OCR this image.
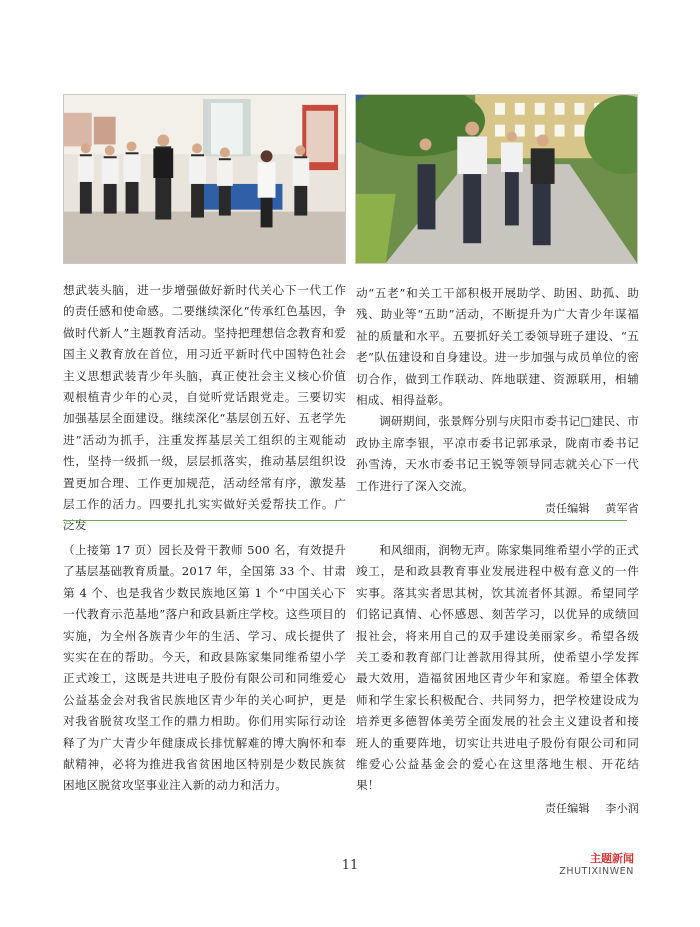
想武装头脑，进一步增强做好新时代关心下一代工作的责任感和使命感。二要继续深化“传承红色基因，争做时代新人”主题教育活动。坚持把理想信念教育和爱国主义教育放在首位，用习近平新时代中国特色社会主义思想武装青少年头脑，真正使社会主义核心价值观根植青少年的心灵，自觉听党话跟党走。三要切实加强基层全面建设。继续深化“基层创五好、五老学先进”活动为抓手，注重发挥基层关工组织的主观能动性，坚持一级抓一级，层层抓落实，推动基层组织设置更加合理、工作更加规范，活动经常有序，激发基层工作的活力。四要扎扎实实做好关爱帮扶工作。广泛发

动“五老”和关工干部积极开展助学、助困、助孤、助残、助业等“五助”活动，不断提升为广大青少年谋福祉的质量和水平。五要抓好关工委领导班子建设、“五老”队伍建设和自身建设。进一步加强与成员单位的密切合作，做到工作联动、阵地联建、资源联用，相辅相成、相得益彰。

调研期间，张景辉分别与庆阳市委书记□建民、市政协主席李银，平凉市委书记郭承录，陇南市委书记孙雪涛，天水市委书记王锐等领导同志就关心下一代工作进行了深入交流。

责任编辑 黄军省

（上接第 17 页）园长及骨干教师 500 名，有效提升了基层基础教育质量。2017 年，全国第 33 个、甘肃第 4 个、也是我省少数民族地区第 1 个“中国关心下一代教育示范基地”落户和政县新庄学校。这些项目的实施，为全州各族青少年的生活、学习、成长提供了实实在在的帮助。今天，和政县陈家集同维希望小学正式竣工，这既是共进电子股份有限公司和同维爱心公益基金会对我省民族地区青少年的关心呵护，更是对我省脱贫攻坚工作的鼎力相助。你们用实际行动诠释了为广大青少年健康成长排忧解难的博大胸怀和奉献精神，必将为推进我省贫困地区特别是少数民族贫困地区脱贫攻坚事业注入新的动力和活力。

和风细雨，润物无声。陈家集同维希望小学的正式竣工，是和政县教育事业发展进程中极有意义的一件实事。落其实者思其树，饮其流者怀其源。希望同学们铭记真情、心怀感恩、刻苦学习，以优异的成绩回报社会，将来用自己的双手建设美丽家乡。希望各级关工委和教育部门让善款用得其所，使希望小学发挥最大效用，造福贫困地区青少年和家庭。希望全体教师和学生家长积极配合、共同努力，把学校建设成为培养更多德智体美劳全面发展的社会主义建设者和接班人的重要阵地，切实让共进电子股份有限公司和同维爱心公益基金会的爱心在这里落地生根、开花结果！

责任编辑 李小润
11	主题新闻
ZHUTIXINWEN
